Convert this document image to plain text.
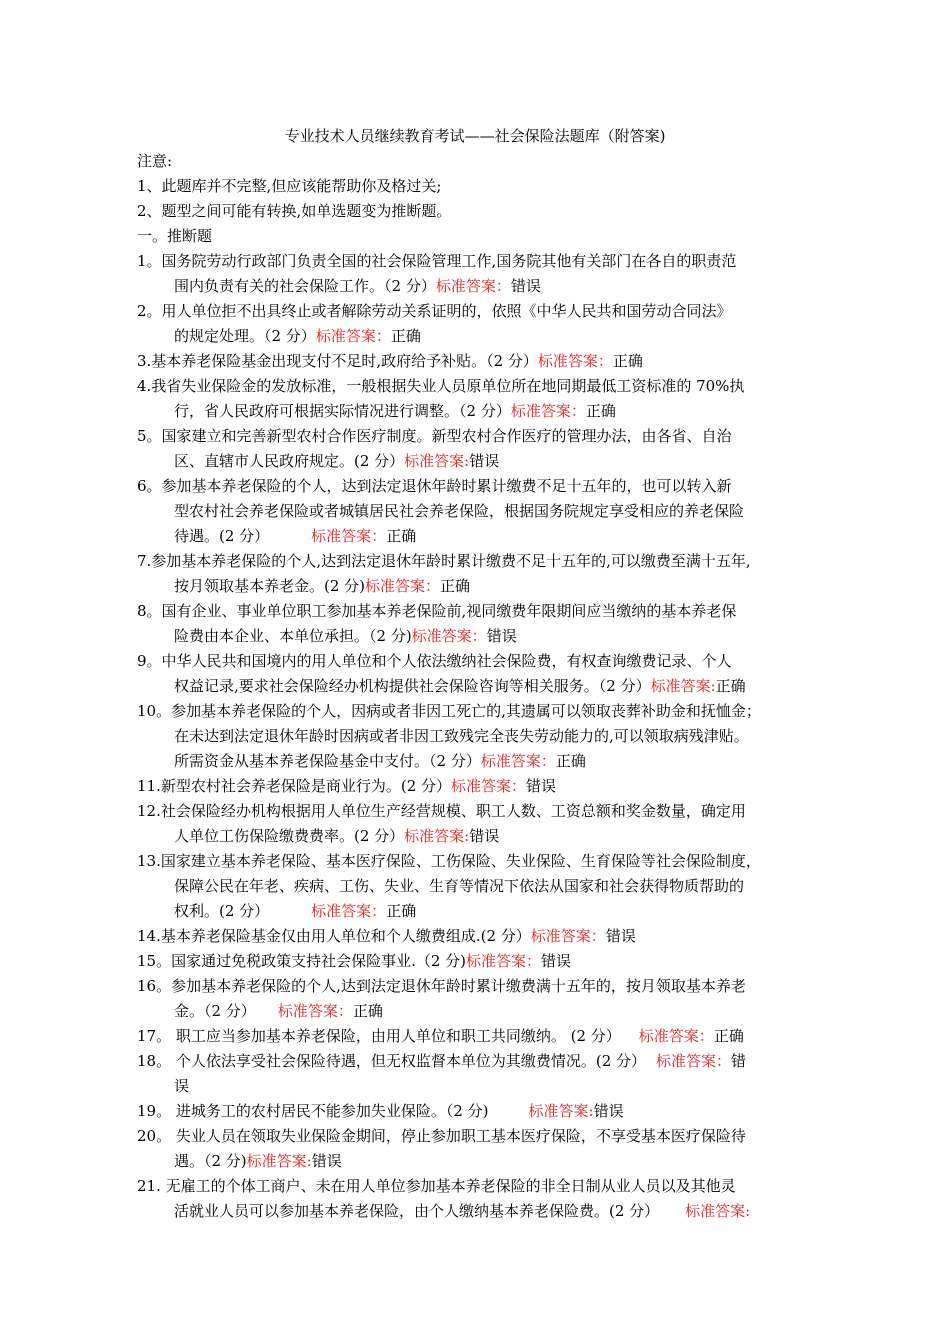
专业技术人员继续教育考试——社会保险法题库（附答案)
注意:
1、此题库并不完整,但应该能帮助你及格过关;
2、题型之间可能有转换,如单选题变为推断题。
一。推断题
1。国务院劳动行政部门负责全国的社会保险管理工作,国务院其他有关部门在各自的职责范
围内负责有关的社会保险工作。（2 分）标准答案：错误
2。用人单位拒不出具终止或者解除劳动关系证明的，依照《中华人民共和国劳动合同法》
的规定处理。（2 分）标准答案：正确
3.基本养老保险基金出现支付不足时,政府给予补贴。（2 分）标准答案：正确
4.我省失业保险金的发放标准，一般根据失业人员原单位所在地同期最低工资标准的 70%执
行，省人民政府可根据实际情况进行调整。（2 分）标准答案：正确
5。国家建立和完善新型农村合作医疗制度。新型农村合作医疗的管理办法，由各省、自治
区、直辖市人民政府规定。(2 分）标准答案:错误
6。参加基本养老保险的个人，达到法定退休年龄时累计缴费不足十五年的，也可以转入新
型农村社会养老保险或者城镇居民社会养老保险，根据国务院规定享受相应的养老保险
待遇。(2 分）	标准答案：正确
7.参加基本养老保险的个人,达到法定退休年龄时累计缴费不足十五年的,可以缴费至满十五年,
按月领取基本养老金。(2 分)标准答案：正确
8。国有企业、事业单位职工参加基本养老保险前,视同缴费年限期间应当缴纳的基本养老保
险费由本企业、本单位承担。（2 分)标准答案：错误
9。中华人民共和国境内的用人单位和个人依法缴纳社会保险费，有权查询缴费记录、个人
权益记录,要求社会保险经办机构提供社会保险咨询等相关服务。（2 分）标准答案:正确
10。参加基本养老保险的个人，因病或者非因工死亡的,其遗属可以领取丧葬补助金和抚恤金；
在未达到法定退休年龄时因病或者非因工致残完全丧失劳动能力的,可以领取病残津贴。
所需资金从基本养老保险基金中支付。（2 分）标准答案：正确
11.新型农村社会养老保险是商业行为。(2 分）标准答案：错误
12.社会保险经办机构根据用人单位生产经营规模、职工人数、工资总额和奖金数量，确定用
人单位工伤保险缴费费率。(2 分）标准答案:错误
13.国家建立基本养老保险、基本医疗保险、工伤保险、失业保险、生育保险等社会保险制度，
保障公民在年老、疾病、工伤、失业、生育等情况下依法从国家和社会获得物质帮助的
权利。(2 分）	标准答案：正确
14.基本养老保险基金仅由用人单位和个人缴费组成.(2 分）标准答案：错误
15。国家通过免税政策支持社会保险事业.（2 分)标准答案：错误
16。参加基本养老保险的个人,达到法定退休年龄时累计缴费满十五年的，按月领取基本养老
金。（2 分） 标准答案：正确
17。 职工应当参加基本养老保险，由用人单位和职工共同缴纳。 (2 分） 标准答案：正确
18。 个人依法享受社会保险待遇，但无权监督本单位为其缴费情况。(2 分） 标准答案：错
误
19。 进城务工的农村居民不能参加失业保险。（2 分)	标准答案:错误
20。 失业人员在领取失业保险金期间，停止参加职工基本医疗保险，不享受基本医疗保险待
遇。（2 分)标准答案:错误
21. 无雇工的个体工商户、未在用人单位参加基本养老保险的非全日制从业人员以及其他灵
活就业人员可以参加基本养老保险，由个人缴纳基本养老保险费。(2 分） 标准答案:
